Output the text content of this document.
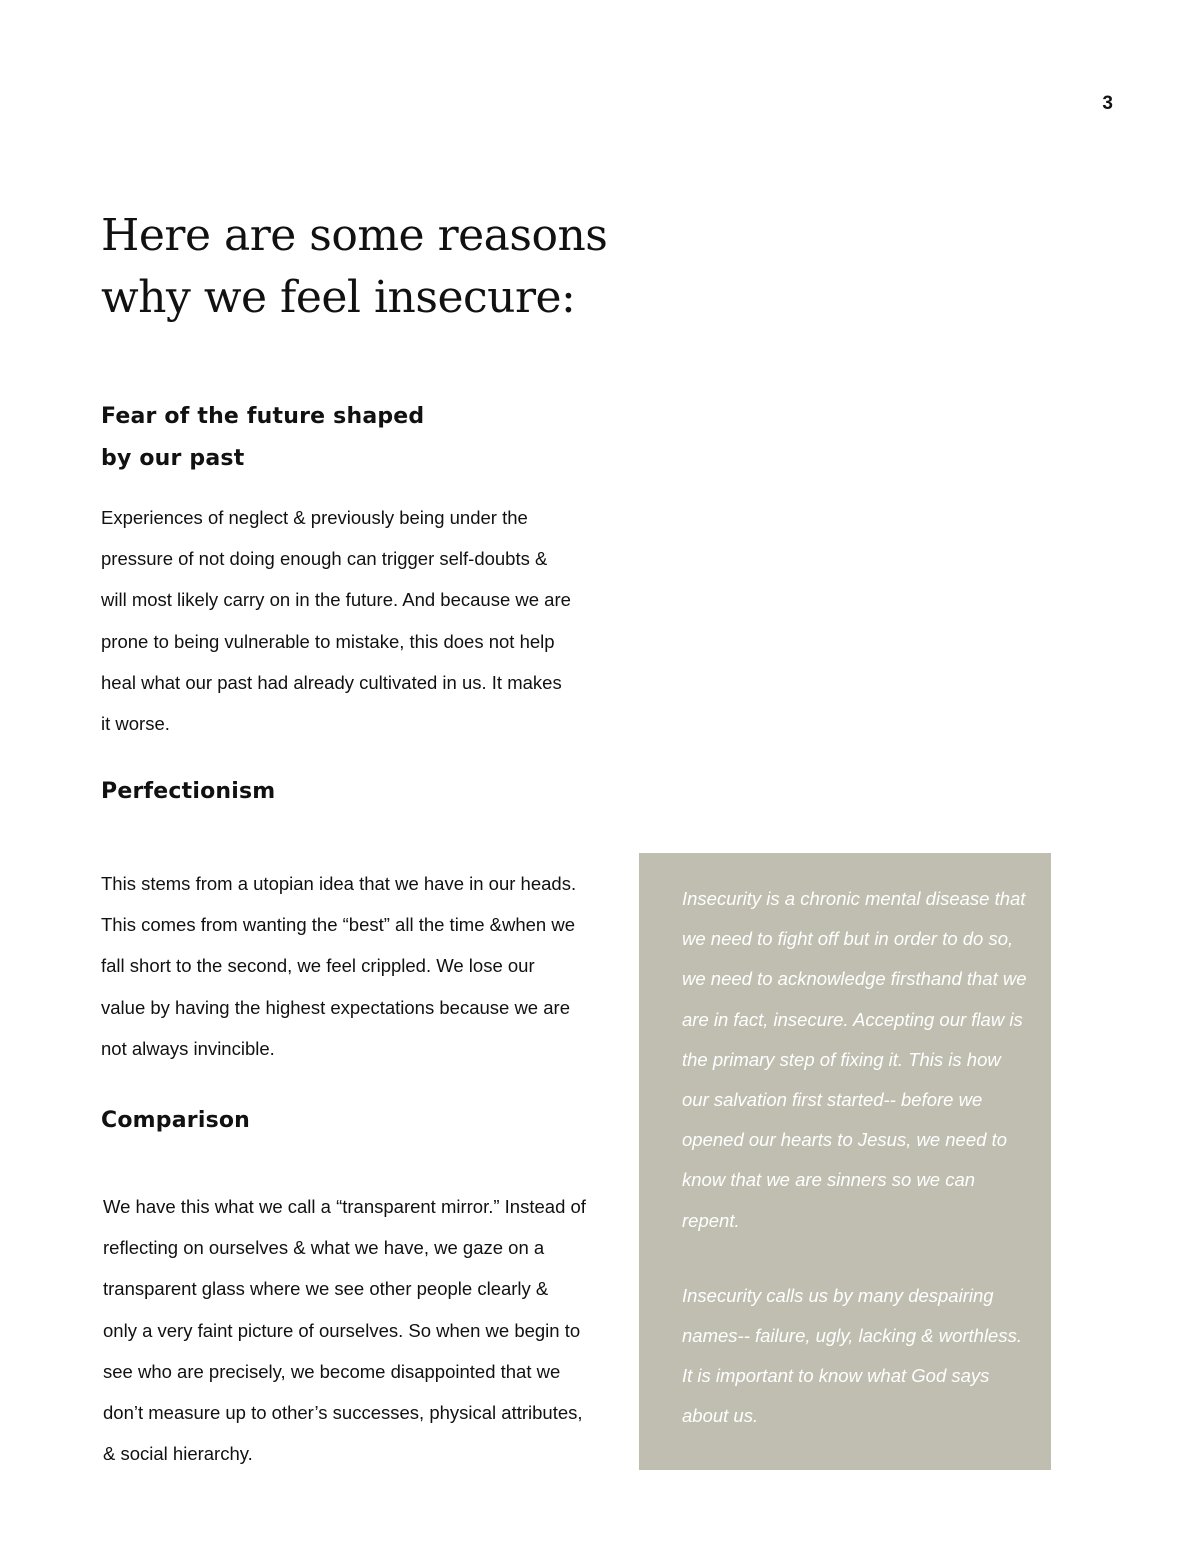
3
Here are some reasons why we feel insecure:
Fear of the future shaped by our past

Experiences of neglect & previously being under the pressure of not doing enough can trigger self-doubts & will most likely carry on in the future. And because we are prone to being vulnerable to mistake, this does not help heal what our past had already cultivated in us. It makes it worse.

Perfectionism

This stems from a utopian idea that we have in our heads. This comes from wanting the “best” all the time &when we fall short to the second, we feel crippled. We lose our value by having the highest expectations because we are not always invincible.

Comparison

We have this what we call a “transparent mirror.” Instead of reflecting on ourselves & what we have, we gaze on a transparent glass where we see other people clearly & only a very faint picture of ourselves. So when we begin to see who are precisely, we become disappointed that we don’t measure up to other’s successes, physical attributes, & social hierarchy.

Insecurity is a chronic mental disease that we need to fight off but in order to do so, we need to acknowledge firsthand that we are in fact, insecure. Accepting our flaw is the primary step of fixing it. This is how our salvation first started-- before we opened our hearts to Jesus, we need to know that we are sinners so we can repent.

Insecurity calls us by many despairing names-- failure, ugly, lacking & worthless. It is important to know what God says about us.
